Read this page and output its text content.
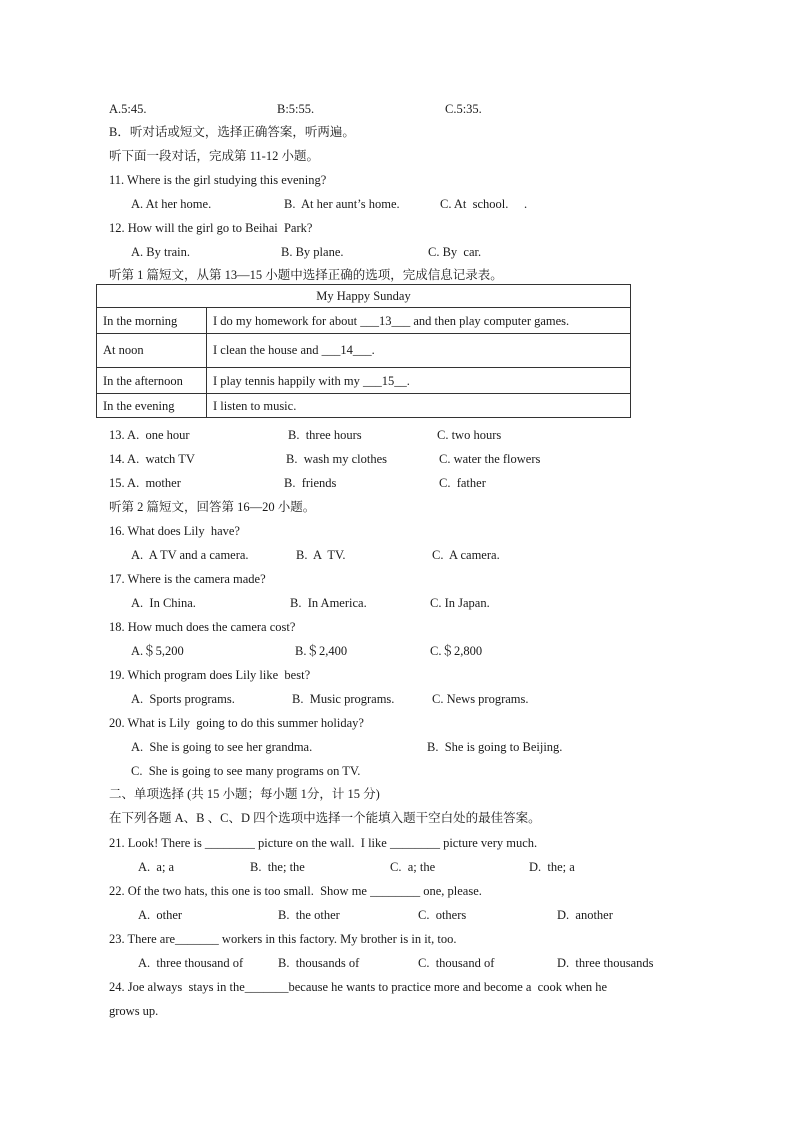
A.5:45.	B:5:55.	C.5:35.
B．听对话或短文，选择正确答案，听两遍。
听下面一段对话，完成第 11-12 小题。
11. Where is the girl studying this evening?
A. At her home.	B.  At her aunt’s home.	C. At  school.     .
12. How will the girl go to Beihai  Park?
A. By train.	B. By plane.	C. By  car.
听第 1 篇短文，从第 13—15 小题中选择正确的选项，完成信息记录表。
My Happy Sunday	
In the morning	I do my homework for about ___13___ and then play computer games.
At noon	I clean the house and ___14___.
In the afternoon	I play tennis happily with my ___15__.
In the evening	I listen to music.
13. A.  one hour	B.  three hours	C. two hours
14. A.  watch TV	B.  wash my clothes	C. water the flowers
15. A.  mother	B.  friends	C.  father
听第 2 篇短文，回答第 16—20 小题。
16. What does Lily  have?
A.  A TV and a camera.	B.  A  TV.	C.  A camera.
17. Where is the camera made?
A.  In China.	B.  In America.	C. In Japan.
18. How much does the camera cost?
A.＄5,200	B.＄2,400	C.＄2,800
19. Which program does Lily like  best?
A.  Sports programs.	B.  Music programs.	C. News programs.
20. What is Lily  going to do this summer holiday?
A.  She is going to see her grandma.	B.  She is going to Beijing.
C.  She is going to see many programs on TV.
二、单项选择 (共 15 小题；每小题 1分，计 15 分)
在下列各题 A、B 、C、D 四个选项中选择一个能填入题干空白处的最佳答案。
21. Look! There is ________ picture on the wall.  I like ________ picture very much.
A.  a; a	B.  the; the	C.  a; the	D.  the; a
22. Of the two hats, this one is too small.  Show me ________ one, please.
A.  other	B.  the other	C.  others	D.  another
23. There are_______ workers in this factory. My brother is in it, too.
A.  three thousand of	B.  thousands of	C.  thousand of	D.  three thousands
24. Joe always  stays in the_______because he wants to practice more and become a  cook when he
grows up.
